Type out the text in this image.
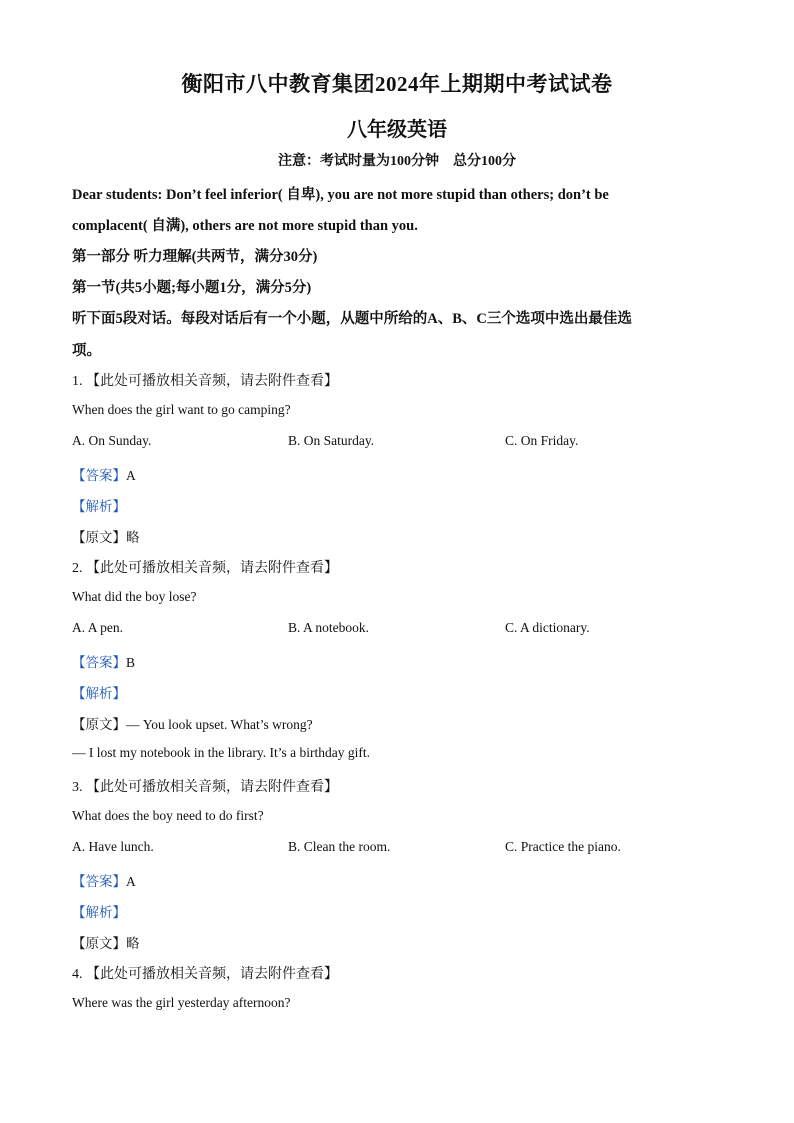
衡阳市八中教育集团2024年上期期中考试试卷
八年级英语
注意：考试时量为100分钟　总分100分
Dear students: Don’t feel inferior( 自卑), you are not more stupid than others; don’t be
complacent( 自满), others are not more stupid than you.
第一部分 听力理解(共两节，满分30分)
第一节(共5小题;每小题1分，满分5分)
听下面5段对话。每段对话后有一个小题，从题中所给的A、B、C三个选项中选出最佳选
项。
1. 【此处可播放相关音频，请去附件查看】
When does the girl want to go camping?
A. On Sunday.	B. On Saturday.	C. On Friday.
【答案】A
【解析】
【原文】略
2. 【此处可播放相关音频，请去附件查看】
What did the boy lose?
A. A pen.	B. A notebook.	C. A dictionary.
【答案】B
【解析】
【原文】— You look upset. What’s wrong?
— I lost my notebook in the library. It’s a birthday gift.
3. 【此处可播放相关音频，请去附件查看】
What does the boy need to do first?
A. Have lunch.	B. Clean the room.	C. Practice the piano.
【答案】A
【解析】
【原文】略
4. 【此处可播放相关音频，请去附件查看】
Where was the girl yesterday afternoon?
